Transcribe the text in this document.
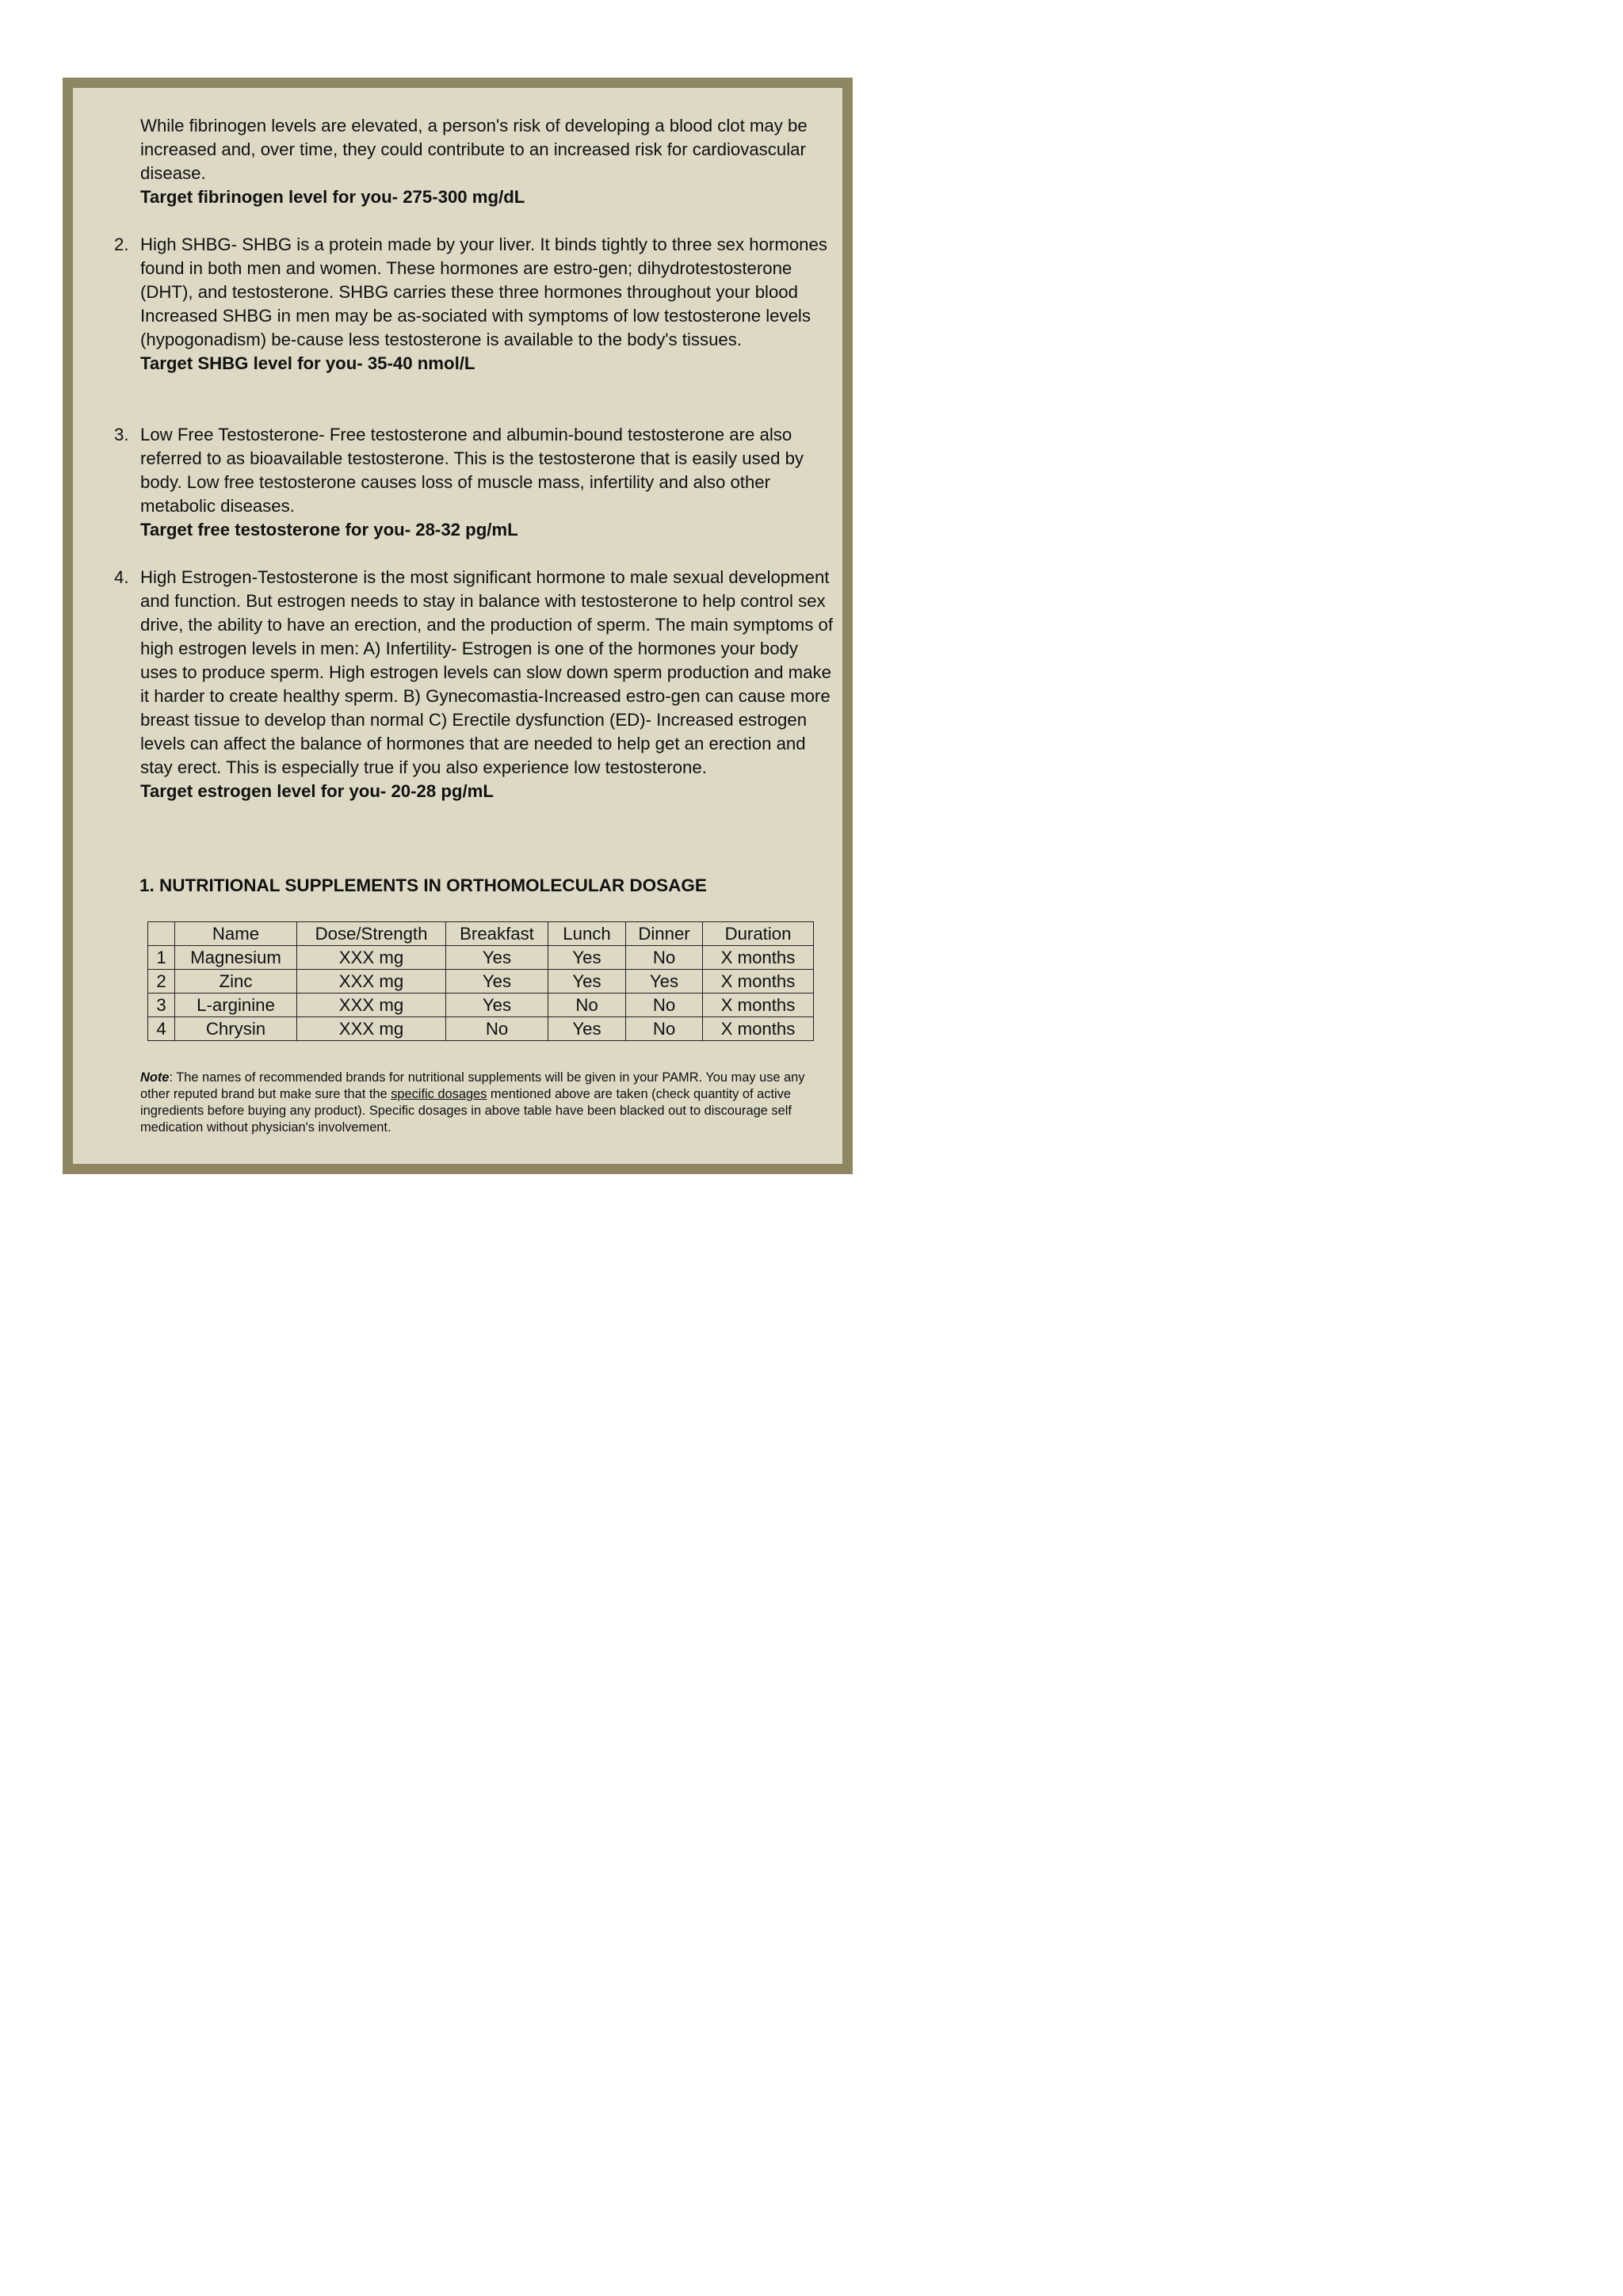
While fibrinogen levels are elevated, a person's risk of developing a blood clot may be increased and, over time, they could contribute to an increased risk for cardiovascular disease.
Target fibrinogen level for you- 275-300 mg/dL
2. High SHBG- SHBG is a protein made by your liver. It binds tightly to three sex hormones found in both men and women. These hormones are estro-gen; dihydrotestosterone (DHT), and testosterone. SHBG carries these three hormones throughout your blood Increased SHBG in men may be as-sociated with symptoms of low testosterone levels (hypogonadism) be-cause less testosterone is available to the body's tissues.
Target SHBG level for you- 35-40 nmol/L
3. Low Free Testosterone- Free testosterone and albumin-bound testosterone are also referred to as bioavailable testosterone. This is the testosterone that is easily used by body. Low free testosterone causes loss of muscle mass, infertility and also other metabolic diseases.
Target free testosterone for you- 28-32 pg/mL
4. High Estrogen-Testosterone is the most significant hormone to male sexual development and function. But estrogen needs to stay in balance with testosterone to help control sex drive, the ability to have an erection, and the production of sperm. The main symptoms of high estrogen levels in men: A) Infertility- Estrogen is one of the hormones your body uses to produce sperm. High estrogen levels can slow down sperm production and make it harder to create healthy sperm. B) Gynecomastia-Increased estro-gen can cause more breast tissue to develop than normal C) Erectile dysfunction (ED)- Increased estrogen levels can affect the balance of hormones that are needed to help get an erection and stay erect. This is especially true if you also experience low testosterone.
Target estrogen level for you- 20-28 pg/mL
1. NUTRITIONAL SUPPLEMENTS IN ORTHOMOLECULAR DOSAGE
	Name	Dose/Strength	Breakfast	Lunch	Dinner	Duration
1	Magnesium	XXX mg	Yes	Yes	No	X months
2	Zinc	XXX mg	Yes	Yes	Yes	X months
3	L-arginine	XXX mg	Yes	No	No	X months
4	Chrysin	XXX mg	No	Yes	No	X months
Note: The names of recommended brands for nutritional supplements will be given in your PAMR. You may use any other reputed brand but make sure that the specific dosages mentioned above are taken (check quantity of active ingredients before buying any product). Specific dosages in above table have been blacked out to discourage self medication without physician's involvement.
